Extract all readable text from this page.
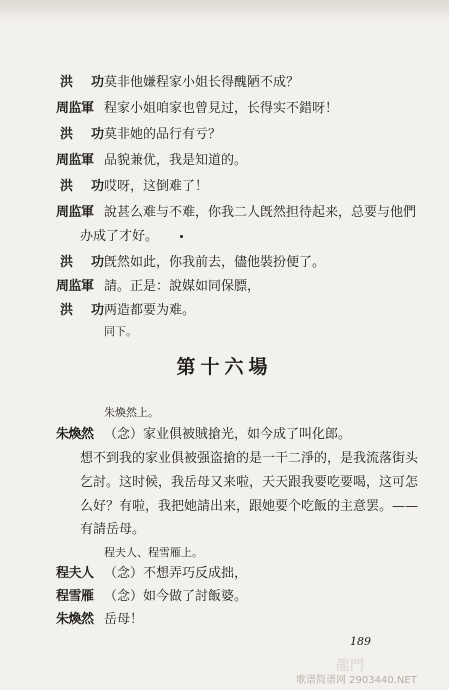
洪 功 莫非他嫌程家小姐长得醜陋不成？
周监軍 程家小姐咱家也曾見过，长得实不錯呀！
洪 功 莫非她的品行有亏？
周监軍 品貌兼优，我是知道的。
洪 功 哎呀，这倒难了！
周监軍 說甚么难与不难，你我二人旣然担待起来，总要与他們
办成了才好。
洪 功 旣然如此，你我前去，儘他裝扮便了。
周监軍 請。正是：說媒如同保膘，
洪 功 两造都要为难。
同下。
第十六場
朱煥然上。
朱煥然 （念）家业俱被賊搶光，如今成了叫化郎。
想不到我的家业俱被强盗搶的是一干二淨的，是我流落街头
乞討。这时候，我岳母又来啦，天天跟我要吃要喝，这可怎
么好？有啦，我把她請出来，跟她要个吃飯的主意罢。——
有請岳母。
程夫人、程雪雁上。
程夫人 （念）不想弄巧反成拙，
程雪雁 （念）如今做了討飯婆。
朱煥然 岳母！
189
龍門
歌谱简谱网 2903440.NET
